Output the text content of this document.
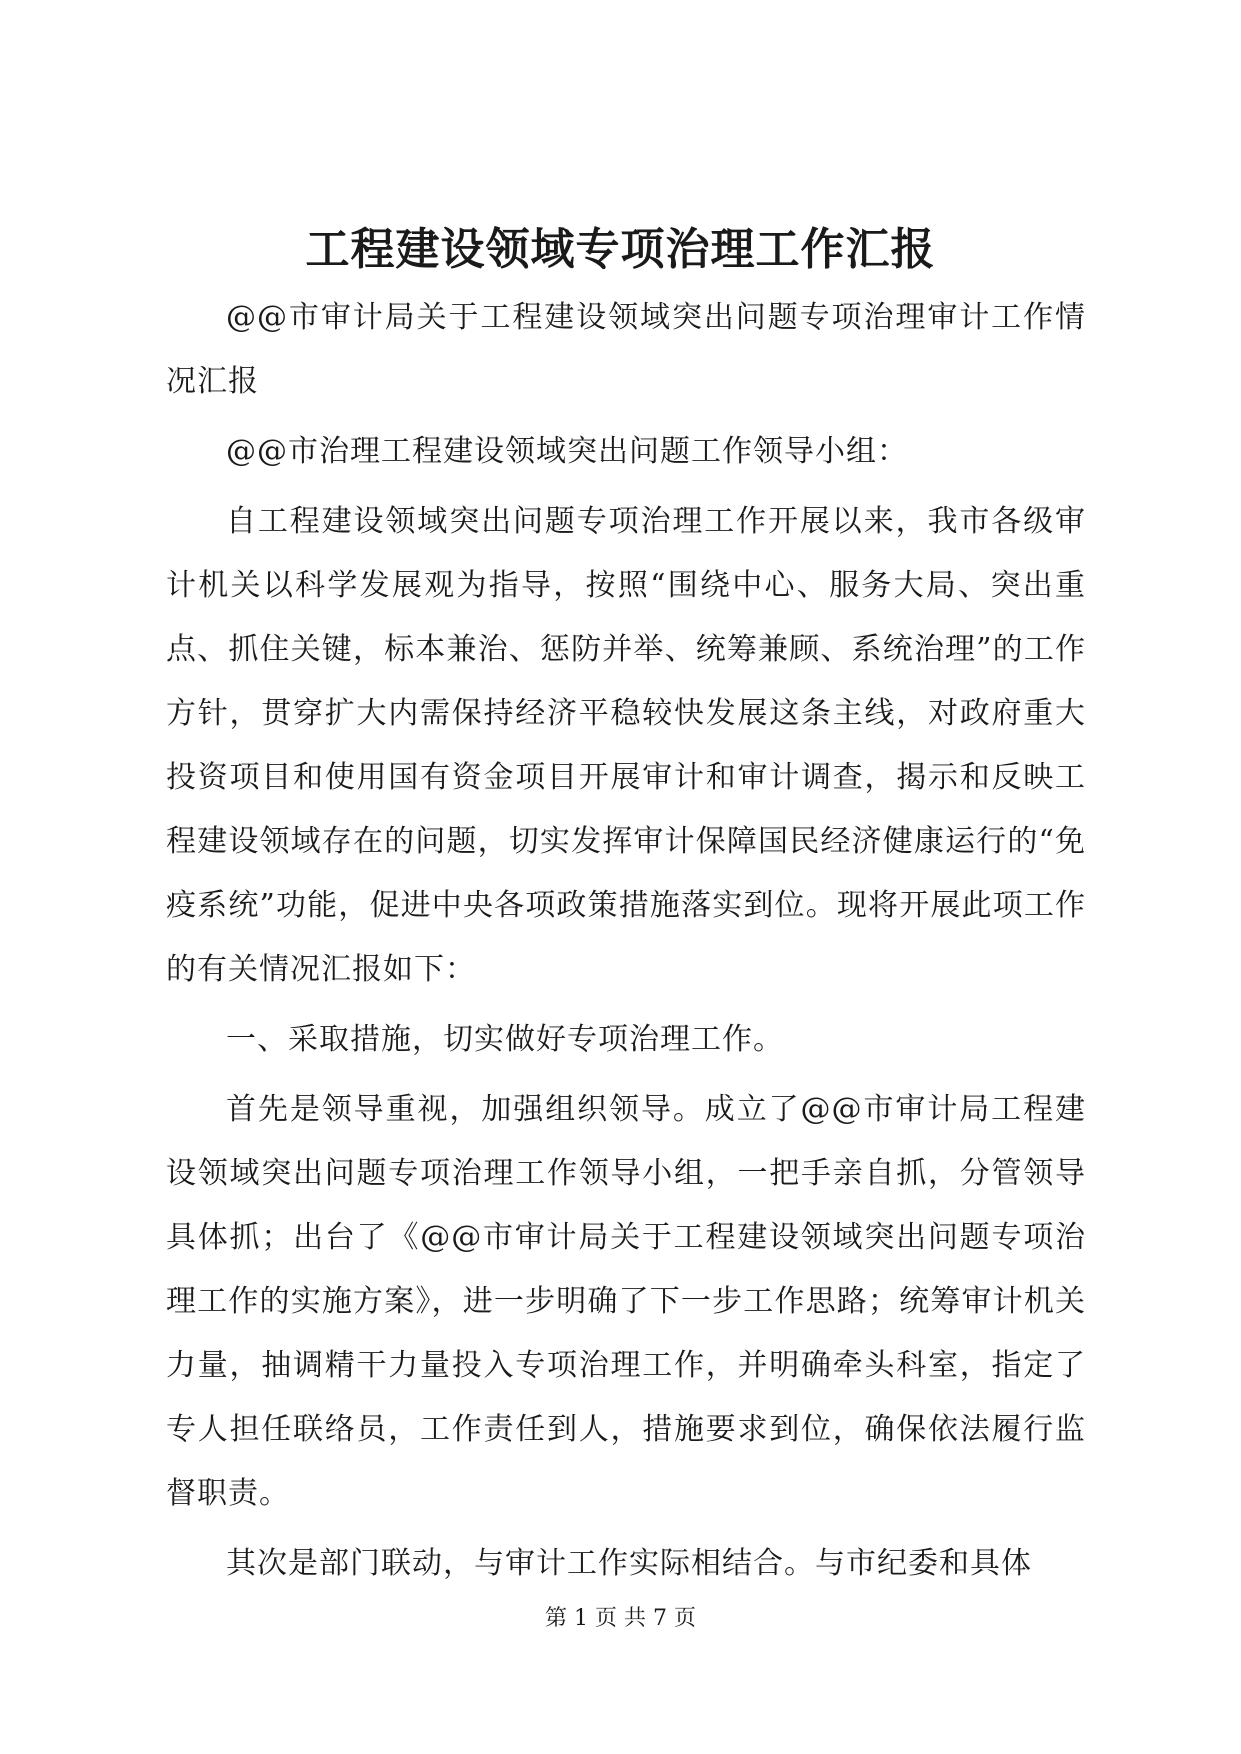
工程建设领域专项治理工作汇报

@@市审计局关于工程建设领域突出问题专项治理审计工作情况汇报

@@市治理工程建设领域突出问题工作领导小组：

自工程建设领域突出问题专项治理工作开展以来，我市各级审计机关以科学发展观为指导，按照“围绕中心、服务大局、突出重点、抓住关键，标本兼治、惩防并举、统筹兼顾、系统治理”的工作方针，贯穿扩大内需保持经济平稳较快发展这条主线，对政府重大投资项目和使用国有资金项目开展审计和审计调查，揭示和反映工程建设领域存在的问题，切实发挥审计保障国民经济健康运行的“免疫系统”功能，促进中央各项政策措施落实到位。现将开展此项工作的有关情况汇报如下：

一、采取措施，切实做好专项治理工作。

首先是领导重视，加强组织领导。成立了@@市审计局工程建设领域突出问题专项治理工作领导小组，一把手亲自抓，分管领导具体抓；出台了《@@市审计局关于工程建设领域突出问题专项治理工作的实施方案》，进一步明确了下一步工作思路；统筹审计机关力量，抽调精干力量投入专项治理工作，并明确牵头科室，指定了专人担任联络员，工作责任到人，措施要求到位，确保依法履行监督职责。

其次是部门联动，与审计工作实际相结合。与市纪委和具体

第 1 页 共 7 页
